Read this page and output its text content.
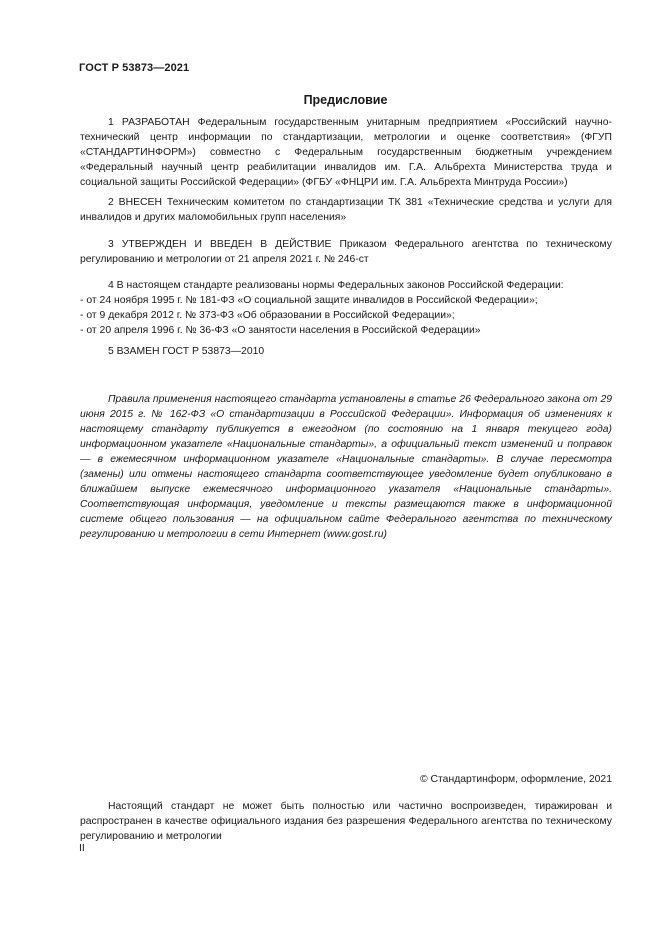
ГОСТ Р 53873—2021
Предисловие

1 РАЗРАБОТАН Федеральным государственным унитарным предприятием «Российский научно-технический центр информации по стандартизации, метрологии и оценке соответствия» (ФГУП «СТАНДАРТИНФОРМ») совместно с Федеральным государственным бюджетным учреждением «Федеральный научный центр реабилитации инвалидов им. Г.А. Альбрехта Министерства труда и социальной защиты Российской Федерации» (ФГБУ «ФНЦРИ им. Г.А. Альбрехта Минтруда России»)

2 ВНЕСЕН Техническим комитетом по стандартизации ТК 381 «Технические средства и услуги для инвалидов и других маломобильных групп населения»

3 УТВЕРЖДЕН И ВВЕДЕН В ДЕЙСТВИЕ Приказом Федерального агентства по техническому регулированию и метрологии от 21 апреля 2021 г. № 246-ст

4 В настоящем стандарте реализованы нормы Федеральных законов Российской Федерации:

- от 24 ноября 1995 г. № 181-ФЗ «О социальной защите инвалидов в Российской Федерации»;

- от 9 декабря 2012 г. № 373-ФЗ «Об образовании в Российской Федерации»;

- от 20 апреля 1996 г. № 36-ФЗ «О занятости населения в Российской Федерации»

5 ВЗАМЕН ГОСТ Р 53873—2010

Правила применения настоящего стандарта установлены в статье 26 Федерального закона от 29 июня 2015 г. № 162-ФЗ «О стандартизации в Российской Федерации». Информация об изменениях к настоящему стандарту публикуется в ежегодном (по состоянию на 1 января текущего года) информационном указателе «Национальные стандарты», а официальный текст изменений и поправок — в ежемесячном информационном указателе «Национальные стандарты». В случае пересмотра (замены) или отмены настоящего стандарта соответствующее уведомление будет опубликовано в ближайшем выпуске ежемесячного информационного указателя «Национальные стандарты». Соответствующая информация, уведомление и тексты размещаются также в информационной системе общего пользования — на официальном сайте Федерального агентства по техническому регулированию и метрологии в сети Интернет (www.gost.ru)

© Стандартинформ, оформление, 2021

Настоящий стандарт не может быть полностью или частично воспроизведен, тиражирован и распространен в качестве официального издания без разрешения Федерального агентства по техническому регулированию и метрологии

II
